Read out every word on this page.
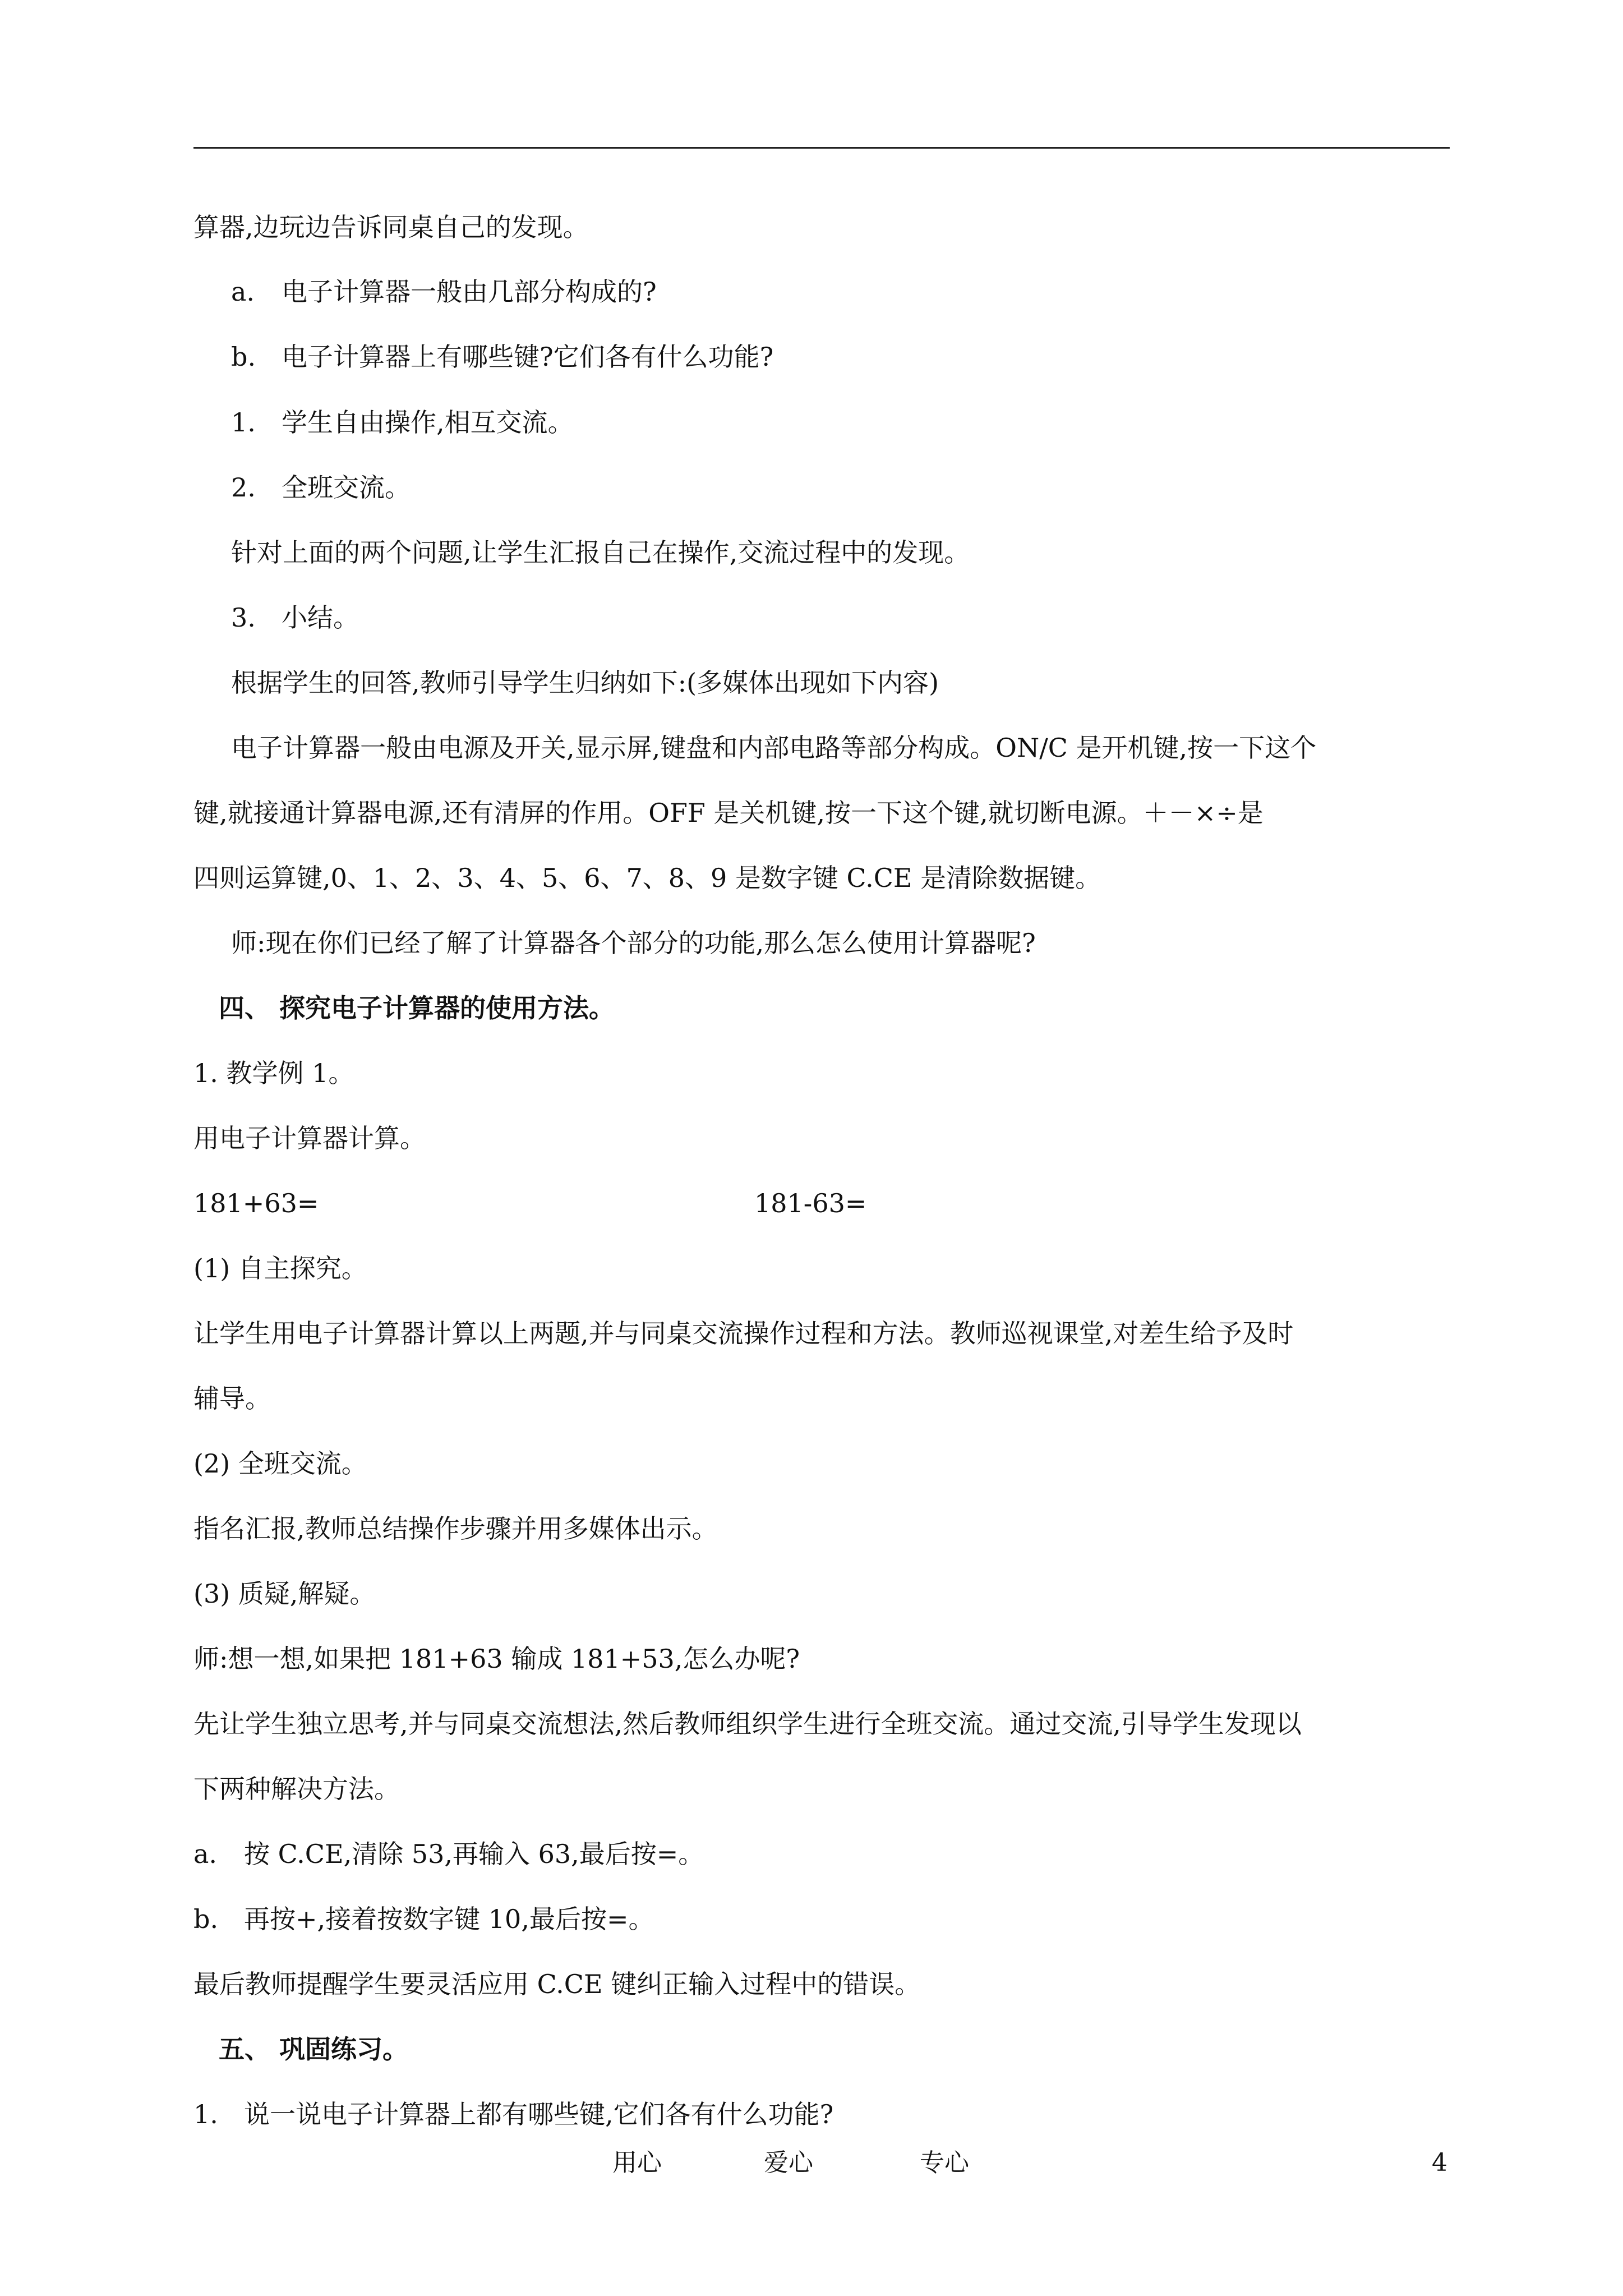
算器,边玩边告诉同桌自己的发现。
a. 电子计算器一般由几部分构成的?
b. 电子计算器上有哪些键?它们各有什么功能?
1. 学生自由操作,相互交流。
2. 全班交流。
针对上面的两个问题,让学生汇报自己在操作,交流过程中的发现。
3. 小结。
根据学生的回答,教师引导学生归纳如下:(多媒体出现如下内容)
电子计算器一般由电源及开关,显示屏,键盘和内部电路等部分构成。ON/C 是开机键,按一下这个
键,就接通计算器电源,还有清屏的作用。OFF 是关机键,按一下这个键,就切断电源。＋－×÷是
四则运算键,0、1、2、3、4、5、6、7、8、9 是数字键 C.CE 是清除数据键。
师:现在你们已经了解了计算器各个部分的功能,那么怎么使用计算器呢?
四、 探究电子计算器的使用方法。
1. 教学例 1。
用电子计算器计算。
181+63=	181-63=
(1) 自主探究。
让学生用电子计算器计算以上两题,并与同桌交流操作过程和方法。教师巡视课堂,对差生给予及时
辅导。
(2) 全班交流。
指名汇报,教师总结操作步骤并用多媒体出示。
(3) 质疑,解疑。
师:想一想,如果把 181+63 输成 181+53,怎么办呢?
先让学生独立思考,并与同桌交流想法,然后教师组织学生进行全班交流。通过交流,引导学生发现以
下两种解决方法。
a. 按 C.CE,清除 53,再输入 63,最后按=。
b. 再按+,接着按数字键 10,最后按=。
最后教师提醒学生要灵活应用 C.CE 键纠正输入过程中的错误。
五、 巩固练习。
1. 说一说电子计算器上都有哪些键,它们各有什么功能?
用心	爱心	专心	4
